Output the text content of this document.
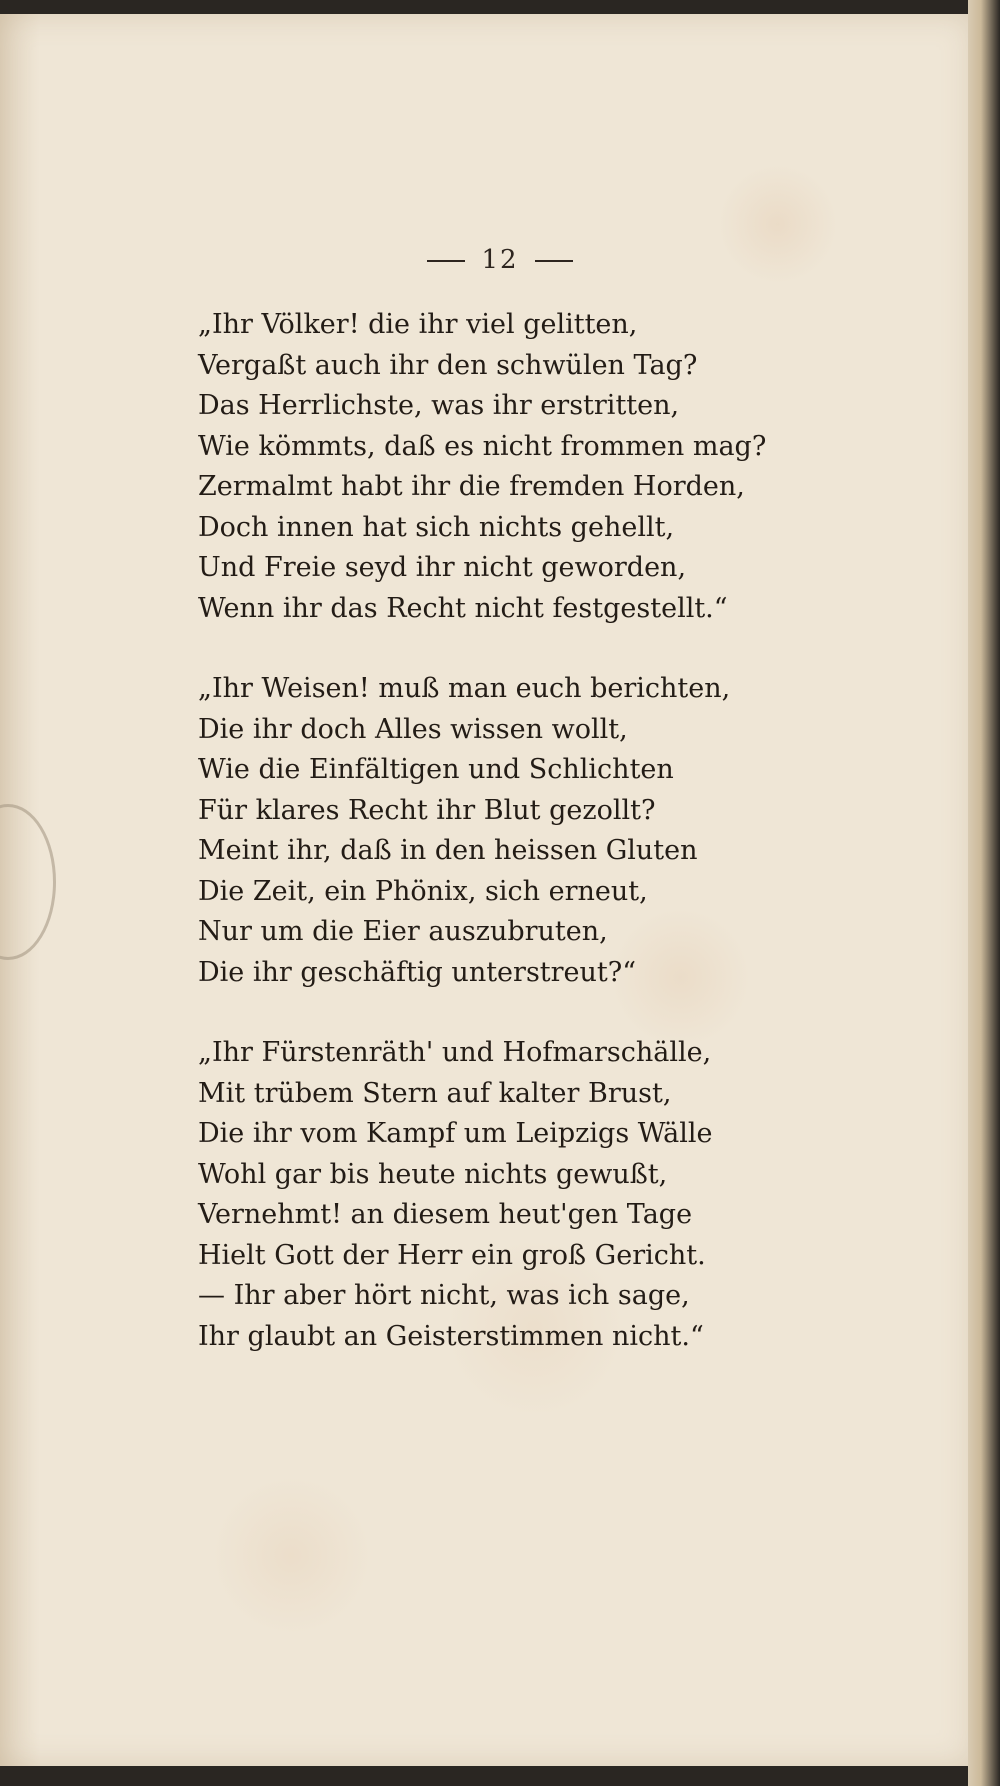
12
„Ihr Völker! die ihr viel gelitten,
Vergaßt auch ihr den schwülen Tag?
Das Herrlichste, was ihr erstritten,
Wie kömmts, daß es nicht frommen mag?
Zermalmt habt ihr die fremden Horden,
Doch innen hat sich nichts gehellt,
Und Freie seyd ihr nicht geworden,
Wenn ihr das Recht nicht festgestellt.“
„Ihr Weisen! muß man euch berichten,
Die ihr doch Alles wissen wollt,
Wie die Einfältigen und Schlichten
Für klares Recht ihr Blut gezollt?
Meint ihr, daß in den heissen Gluten
Die Zeit, ein Phönix, sich erneut,
Nur um die Eier auszubruten,
Die ihr geschäftig unterstreut?“
„Ihr Fürstenräth' und Hofmarschälle,
Mit trübem Stern auf kalter Brust,
Die ihr vom Kampf um Leipzigs Wälle
Wohl gar bis heute nichts gewußt,
Vernehmt! an diesem heut'gen Tage
Hielt Gott der Herr ein groß Gericht.
— Ihr aber hört nicht, was ich sage,
Ihr glaubt an Geisterstimmen nicht.“
